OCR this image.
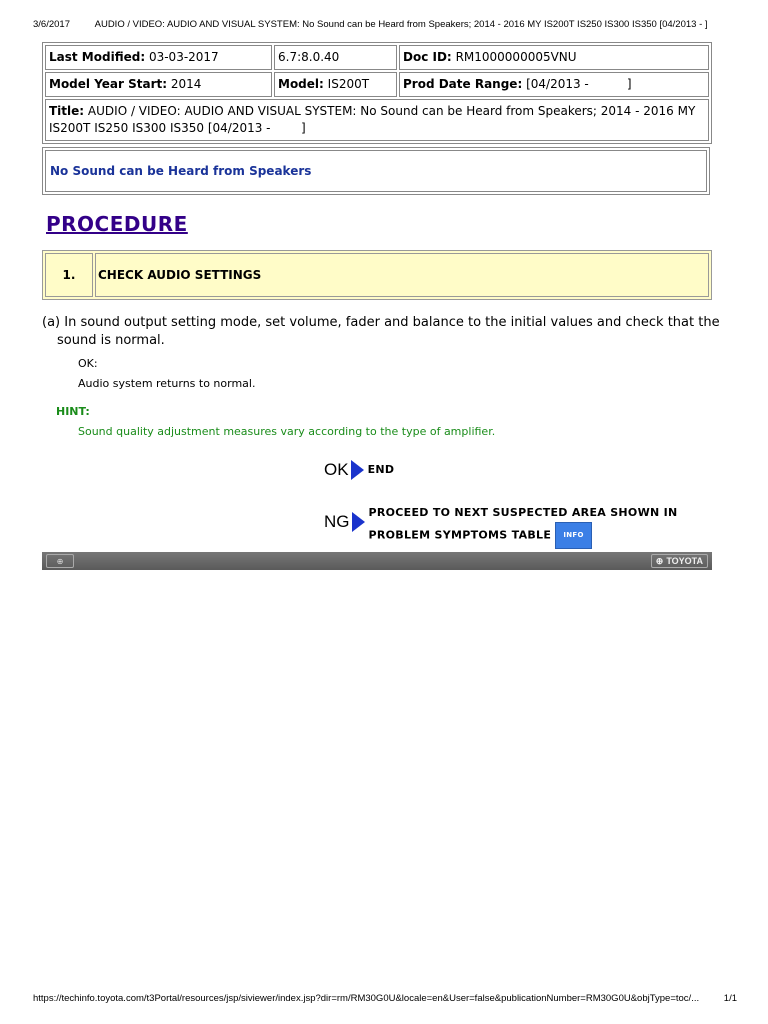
3/6/2017	AUDIO / VIDEO: AUDIO AND VISUAL SYSTEM: No Sound can be Heard from Speakers; 2014 - 2016 MY IS200T IS250 IS300 IS350 [04/2013 - ]
Last Modified: 03-03-2017	6.7:8.0.40	Doc ID: RM1000000005VNU
Model Year Start: 2014	Model: IS200T	Prod Date Range: [04/2013 -          ]
Title: AUDIO / VIDEO: AUDIO AND VISUAL SYSTEM: No Sound can be Heard from Speakers; 2014 - 2016 MY IS200T IS250 IS300 IS350 [04/2013 -        ]		
No Sound can be Heard from Speakers
PROCEDURE
1.	CHECK AUDIO SETTINGS
(a) In sound output setting mode, set volume, fader and balance to the initial values and check that the sound is normal.
OK:
Audio system returns to normal.
HINT:
Sound quality adjustment measures vary according to the type of amplifier.
OK END
NG PROCEED TO NEXT SUSPECTED AREA SHOWN IN
PROBLEM SYMPTOMS TABLE INFO
⊕	⊕ TOYOTA
https://techinfo.toyota.com/t3Portal/resources/jsp/siviewer/index.jsp?dir=rm/RM30G0U&locale=en&User=false&publicationNumber=RM30G0U&objType=toc/...	1/1
